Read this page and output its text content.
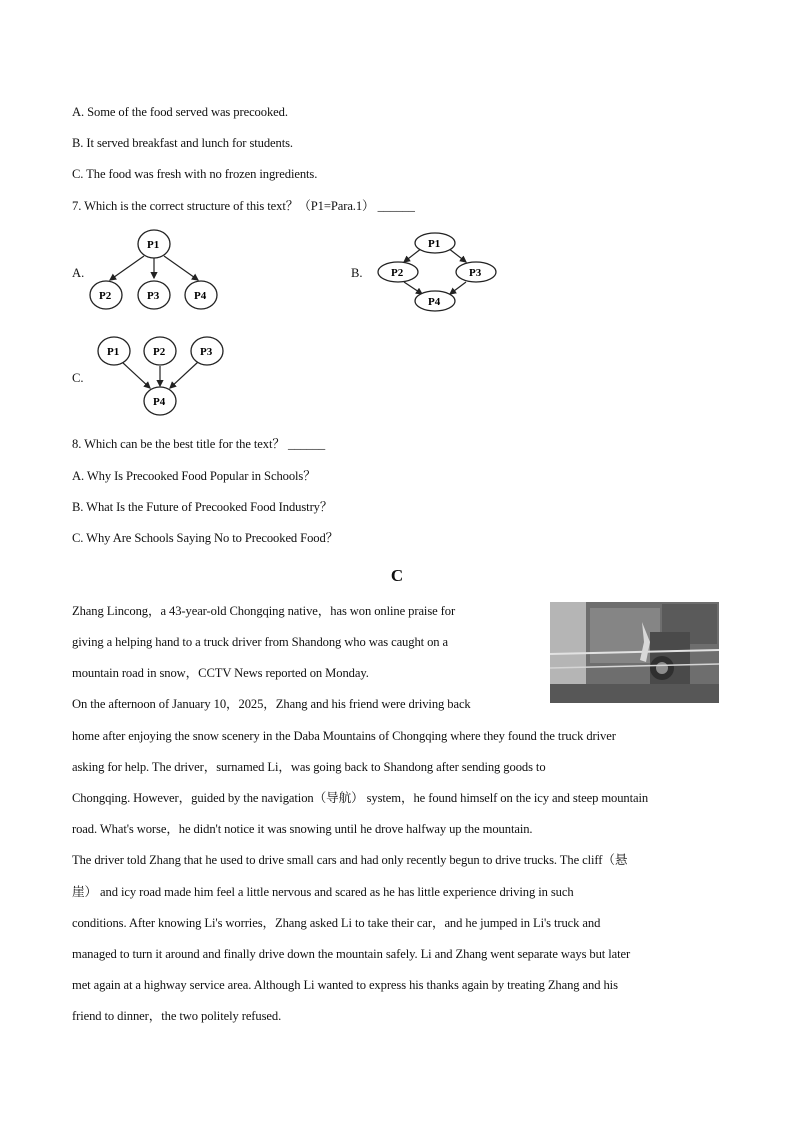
A. Some of the food served was precooked.
B. It served breakfast and lunch for students.
C. The food was fresh with no frozen ingredients.
7. Which is the correct structure of this text？（P1=Para.1） ______
A.
P1
P2	P3	P4
B.
P1
P2	P3
P4
C.
P1	P2	P3
P4
8. Which can be the best title for the text？ ______
A. Why Is Precooked Food Popular in Schools？
B. What Is the Future of Precooked Food Industry？
C. Why Are Schools Saying No to Precooked Food？
C
Zhang Lincong，a 43-year-old Chongqing native，has won online praise for
giving a helping hand to a truck driver from Shandong who was caught on a
mountain road in snow，CCTV News reported on Monday.
On the afternoon of January 10，2025，Zhang and his friend were driving back
home after enjoying the snow scenery in the Daba Mountains of Chongqing where they found the truck driver
asking for help. The driver，surnamed Li，was going back to Shandong after sending goods to
Chongqing. However，guided by the navigation（导航） system，he found himself on the icy and steep mountain
road. What's worse，he didn't notice it was snowing until he drove halfway up the mountain.
The driver told Zhang that he used to drive small cars and had only recently begun to drive trucks. The cliff（悬
崖） and icy road made him feel a little nervous and scared as he has little experience driving in such
conditions. After knowing Li's worries，Zhang asked Li to take their car，and he jumped in Li's truck and
managed to turn it around and finally drive down the mountain safely. Li and Zhang went separate ways but later
met again at a highway service area. Although Li wanted to express his thanks again by treating Zhang and his
friend to dinner，the two politely refused.
